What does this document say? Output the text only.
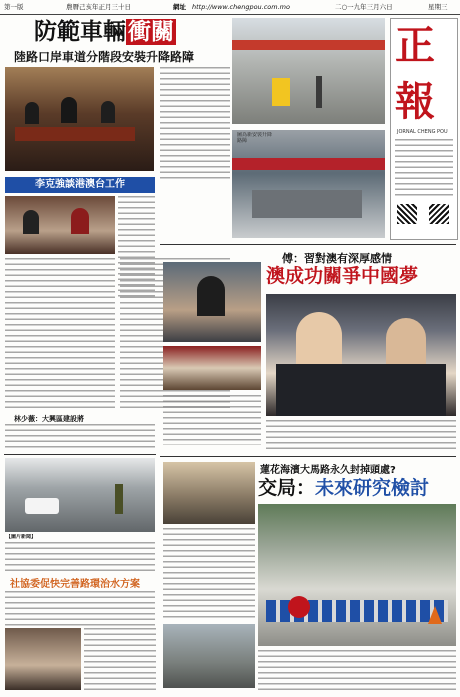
第一版	農曆己亥年正月三十日	網址 http://www.chengpou.com.mo	二○一九年三月六日	星期三
防範車輛衝關
陸路口岸車道分階段安裝升降路障
李克強談港澳台工作
林少薇：大興區建設將
圖為新安裝升降路障
正
報
JORNAL CHENG POU
傅：習對澳有深厚感情
澳成功關爭中國夢
蓮花海濱大馬路永久封掉頭處?
交局：未來研究檢討
【圖片新聞】
社協委促快完善路環治水方案
